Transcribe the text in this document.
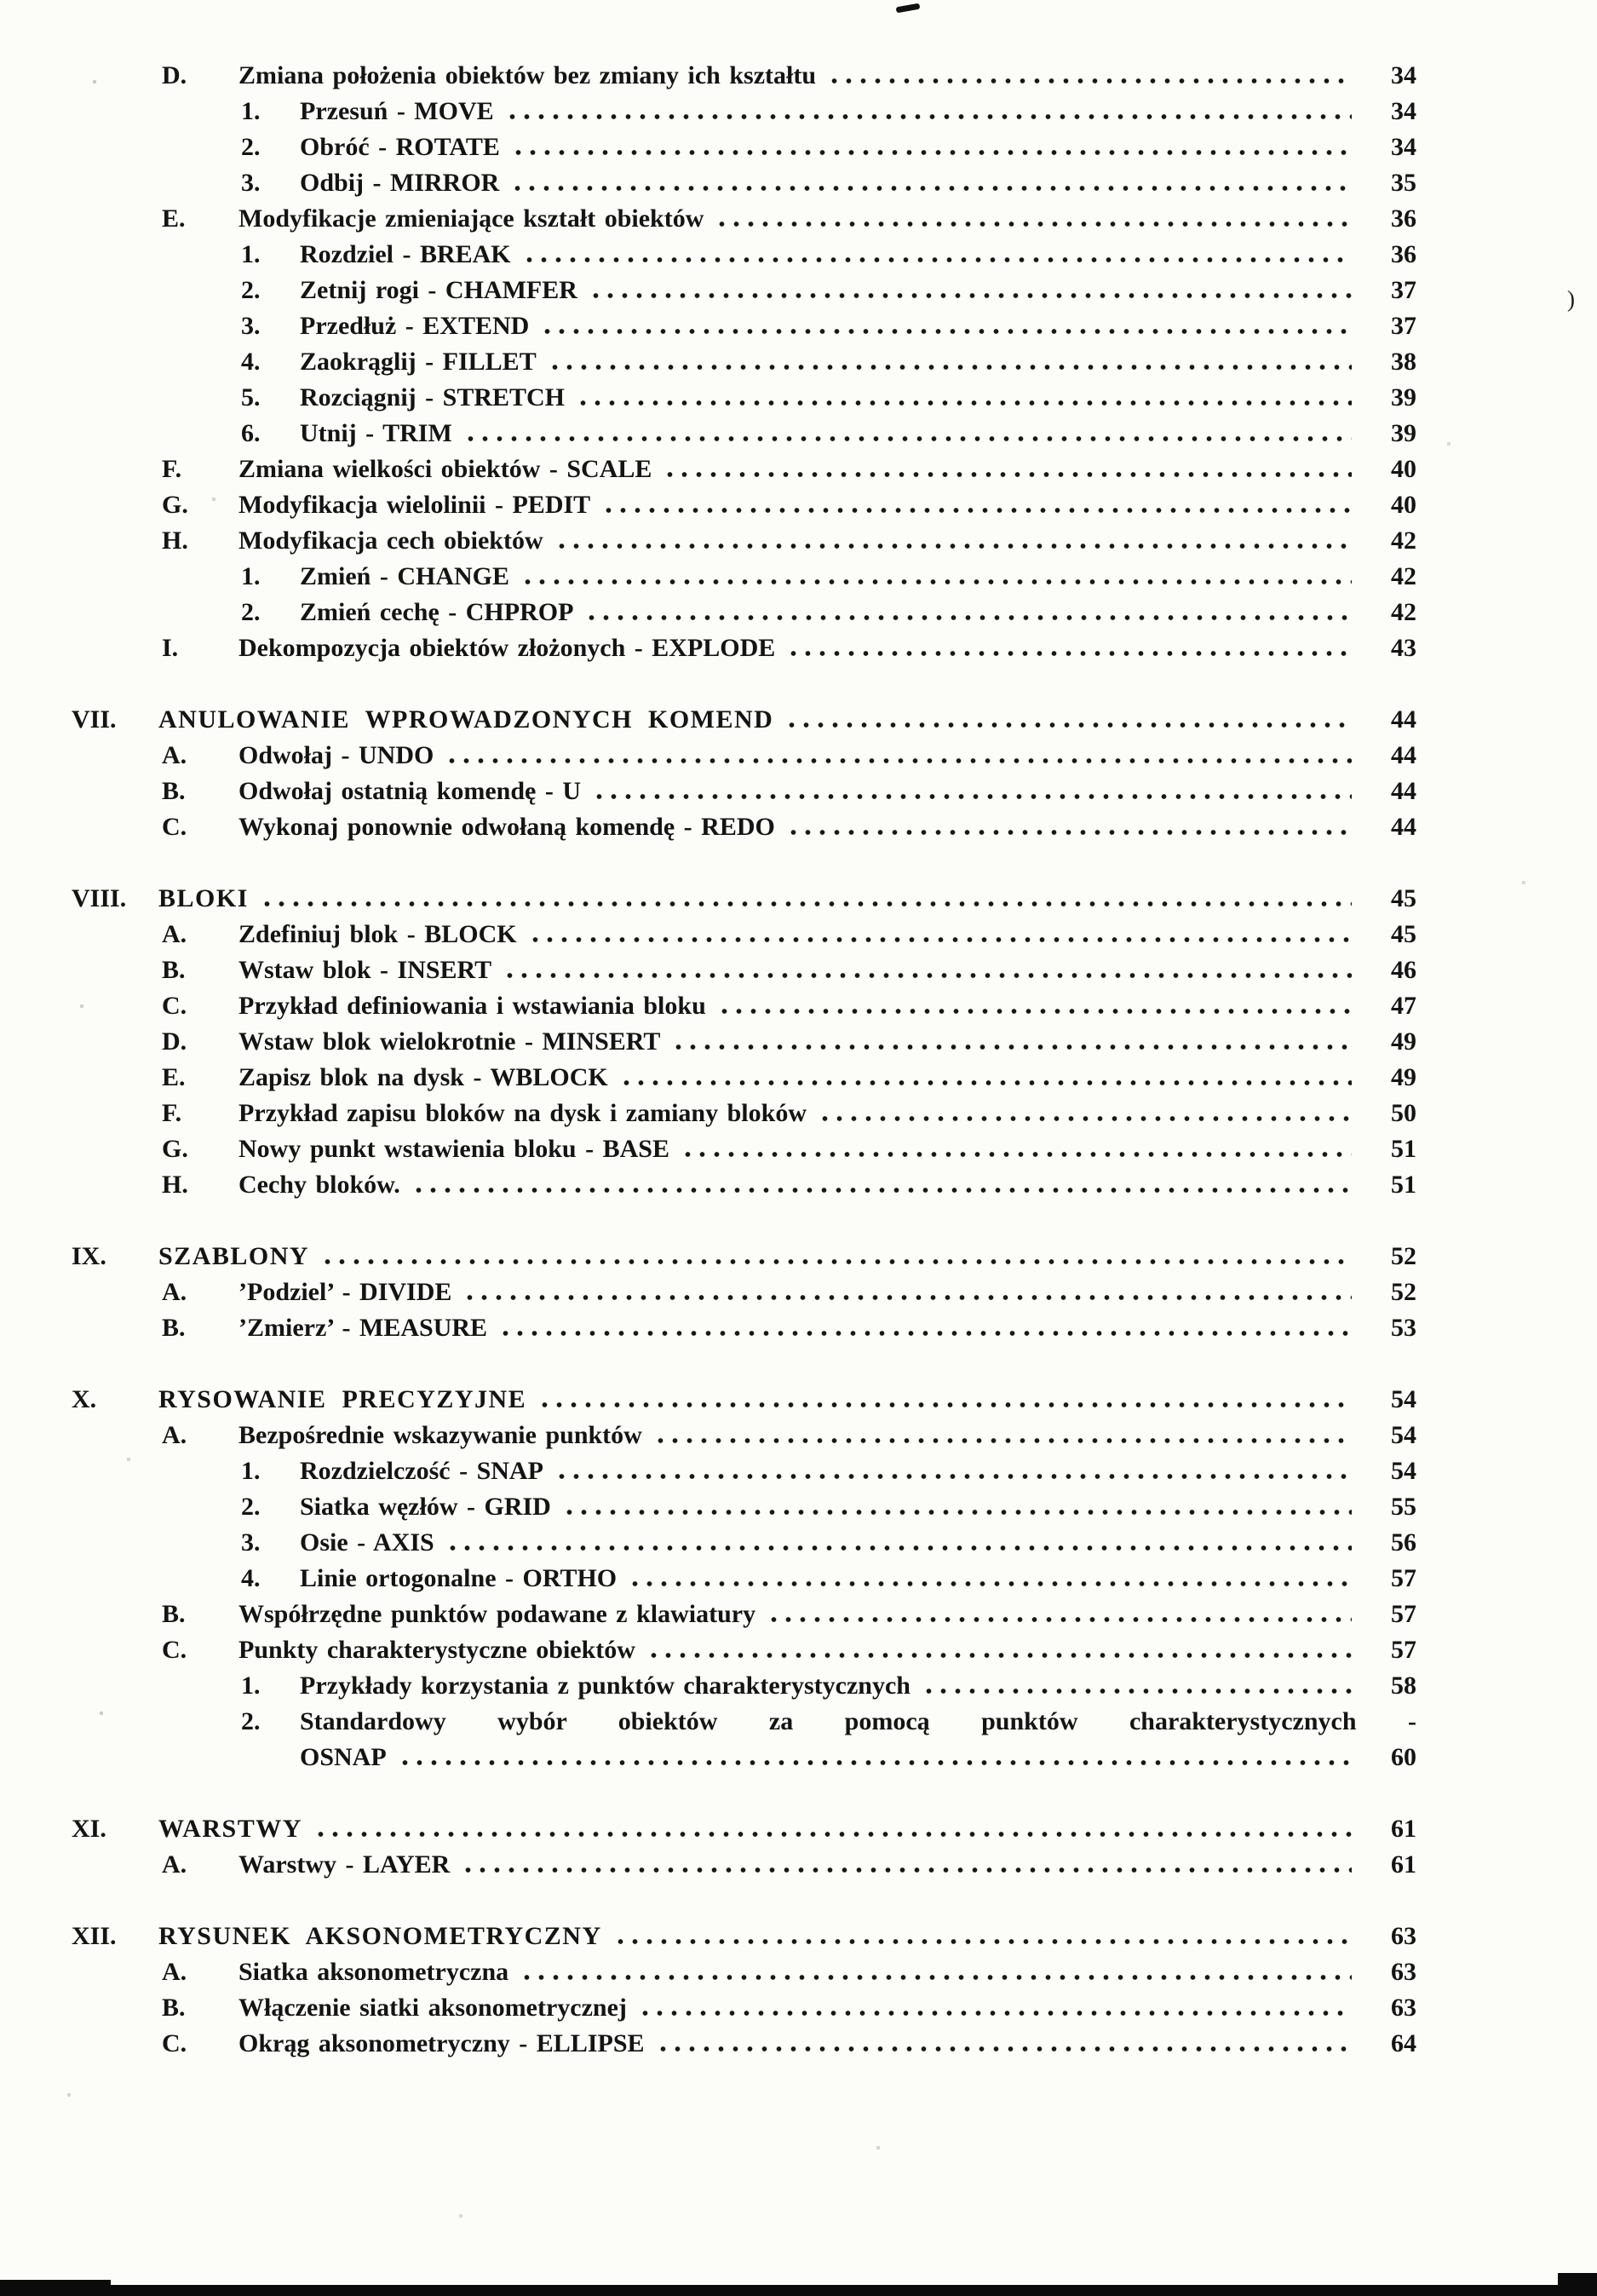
)
D. Zmiana położenia obiektów bez zmiany ich kształtu	34
1. Przesuń - MOVE	34
2. Obróć - ROTATE	34
3. Odbij - MIRROR	35
E. Modyfikacje zmieniające kształt obiektów	36
1. Rozdziel - BREAK	36
2. Zetnij rogi - CHAMFER	37
3. Przedłuż - EXTEND	37
4. Zaokrąglij - FILLET	38
5. Rozciągnij - STRETCH	39
6. Utnij - TRIM	39
F. Zmiana wielkości obiektów - SCALE	40
G. Modyfikacja wielolinii - PEDIT	40
H. Modyfikacja cech obiektów	42
1. Zmień - CHANGE	42
2. Zmień cechę - CHPROP	42
I. Dekompozycja obiektów złożonych - EXPLODE	43
VII. ANULOWANIE WPROWADZONYCH KOMEND	44
A. Odwołaj - UNDO	44
B. Odwołaj ostatnią komendę - U	44
C. Wykonaj ponownie odwołaną komendę - REDO	44
VIII. BLOKI	45
A. Zdefiniuj blok - BLOCK	45
B. Wstaw blok - INSERT	46
C. Przykład definiowania i wstawiania bloku	47
D. Wstaw blok wielokrotnie - MINSERT	49
E. Zapisz blok na dysk - WBLOCK	49
F. Przykład zapisu bloków na dysk i zamiany bloków	50
G. Nowy punkt wstawienia bloku - BASE	51
H. Cechy bloków.	51
IX. SZABLONY	52
A. ’Podziel’ - DIVIDE	52
B. ’Zmierz’ - MEASURE	53
X. RYSOWANIE PRECYZYJNE	54
A. Bezpośrednie wskazywanie punktów	54
1. Rozdzielczość - SNAP	54
2. Siatka węzłów - GRID	55
3. Osie - AXIS	56
4. Linie ortogonalne - ORTHO	57
B. Współrzędne punktów podawane z klawiatury	57
C. Punkty charakterystyczne obiektów	57
1. Przykłady korzystania z punktów charakterystycznych	58
2. Standardowy wybór obiektów za pomocą punktów charakterystycznych -
OSNAP	60
XI. WARSTWY	61
A. Warstwy - LAYER	61
XII. RYSUNEK AKSONOMETRYCZNY	63
A. Siatka aksonometryczna	63
B. Włączenie siatki aksonometrycznej	63
C. Okrąg aksonometryczny - ELLIPSE	64
